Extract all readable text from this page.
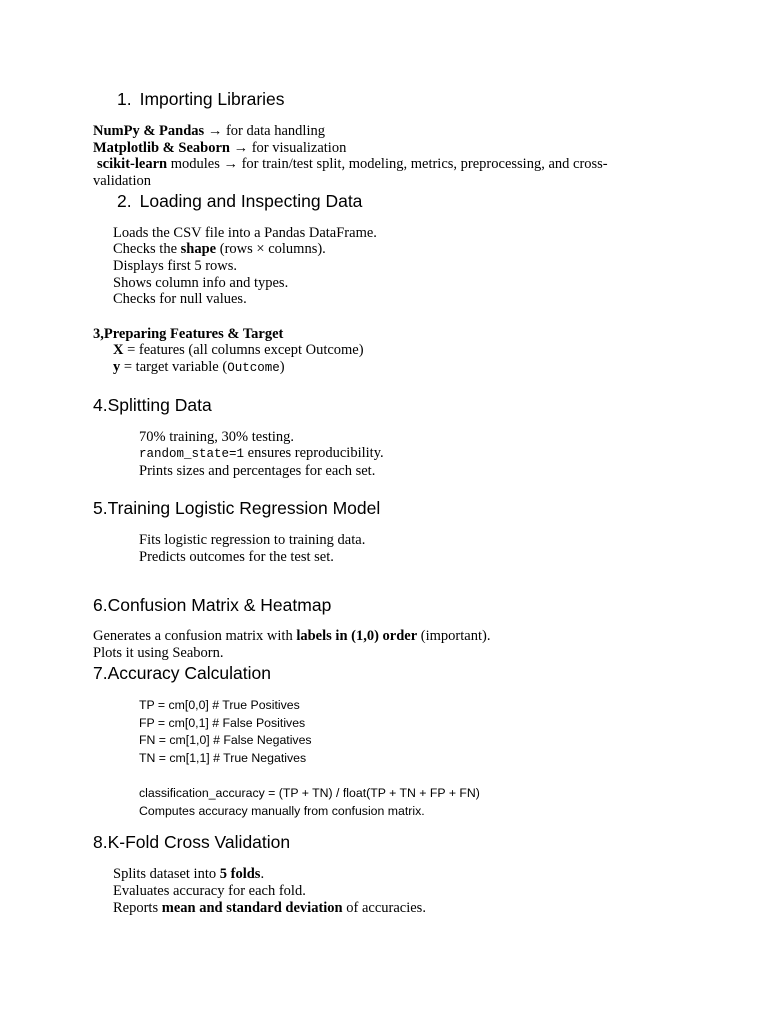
1. Importing Libraries
NumPy & Pandas → for data handling
Matplotlib & Seaborn → for visualization
scikit-learn modules → for train/test split, modeling, metrics, preprocessing, and cross-
validation
2. Loading and Inspecting Data
Loads the CSV file into a Pandas DataFrame.
Checks the shape (rows × columns).
Displays first 5 rows.
Shows column info and types.
Checks for null values.
3,Preparing Features & Target
X = features (all columns except Outcome)
y = target variable (Outcome)
4.Splitting Data
70% training, 30% testing.
random_state=1 ensures reproducibility.
Prints sizes and percentages for each set.
5.Training Logistic Regression Model
Fits logistic regression to training data.
Predicts outcomes for the test set.
6.Confusion Matrix & Heatmap
Generates a confusion matrix with labels in (1,0) order (important).
Plots it using Seaborn.
7.Accuracy Calculation
TP = cm[0,0] # True Positives
FP = cm[0,1] # False Positives
FN = cm[1,0] # False Negatives
TN = cm[1,1] # True Negatives
classification_accuracy = (TP + TN) / float(TP + TN + FP + FN)
Computes accuracy manually from confusion matrix.
8.K-Fold Cross Validation
Splits dataset into 5 folds.
Evaluates accuracy for each fold.
Reports mean and standard deviation of accuracies.
